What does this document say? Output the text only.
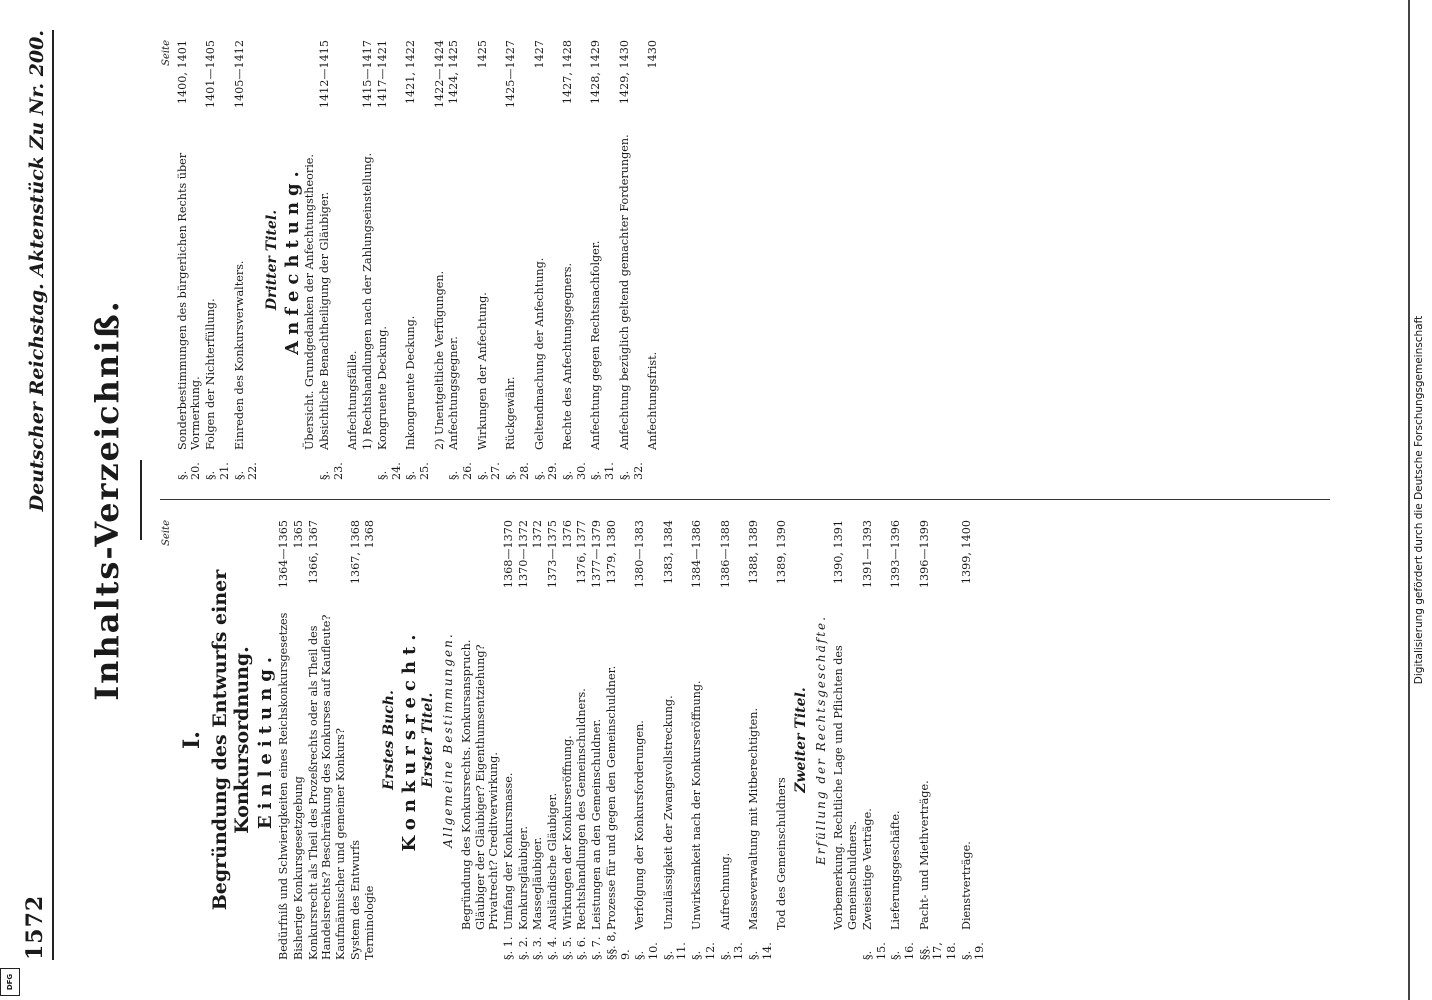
1572
Deutscher Reichstag. Aktenstück Zu Nr. 200. Inhalts-Verzeichniß.	Seite
I. Begründung des Entwurfs einer Konkursordnung. Einleitung. Bedürfniß und Schwierigkeiten eines Reichskonkursgesetzes
1364—1365
Bisherige Konkursgesetzgebung
1365
Konkursrecht als Theil des Prozeßrechts oder als Theil des Handelsrechts? Beschränkung des Konkurses auf Kaufleute? Kaufmännischer und gemeiner Konkurs?
1366, 1367
System des Entwurfs
1367, 1368
Terminologie
1368
Erstes Buch. Konkursrecht. Erster Titel. Allgemeine Bestimmungen. Begründung des Konkursrechts. Konkursanspruch. Gläubiger der Gläubiger? Eigenthumsentziehung? Privatrecht? Creditverwirkung.
§. 1.
Umfang der Konkursmasse.
1368—1370
§. 2.
Konkursgläubiger.
1370—1372
§. 3.
Massegläubiger.
1372
§. 4.
Ausländische Gläubiger.
1373—1375
§. 5.
Wirkungen der Konkurseröffnung.
1376
§. 6.
Rechtshandlungen des Gemeinschuldners.
1376, 1377
§. 7.
Leistungen an den Gemeinschuldner.
1377—1379
§§. 8, 9.
Prozesse für und gegen den Gemeinschuldner.
1379, 1380
§. 10.
Verfolgung der Konkursforderungen.
1380—1383
§. 11.
Unzulässigkeit der Zwangsvollstreckung.
1383, 1384
§. 12.
Unwirksamkeit nach der Konkurseröffnung.
1384—1386
§. 13.
Aufrechnung.
1386—1388
§. 14.
Masseverwaltung mit Mitberechtigten.
1388, 1389
Tod des Gemeinschuldners
1389, 1390
Zweiter Titel. Erfüllung der Rechtsgeschäfte. Vorbemerkung. Rechtliche Lage und Pflichten des Gemeinschuldners.
1390, 1391
§. 15.
Zweiseitige Verträge.
1391—1393
§. 16.
Lieferungsgeschäfte.
1393—1396
§§. 17, 18.
Pacht- und Miethverträge.
1396—1399
§. 19.
Dienstverträge.
1399, 1400
Seite
§. 20.
Sonderbestimmungen des bürgerlichen Rechts über Vormerkung.
1400, 1401
§. 21.
Folgen der Nichterfüllung.
1401—1405
§. 22.
Einreden des Konkursverwalters.
1405—1412
Dritter Titel. Anfechtung. Übersicht. Grundgedanken der Anfechtungstheorie.
§. 23.
Absichtliche Benachtheiligung der Gläubiger.
1412—1415
Anfechtungsfälle. 1) Rechtshandlungen nach der Zahlungseinstellung.
1415—1417
§. 24.
Kongruente Deckung.
1417—1421
§. 25.
Inkongruente Deckung.
1421, 1422
2) Unentgeltliche Verfügungen.
1422—1424
§. 26.
Anfechtungsgegner.
1424, 1425
§. 27.
Wirkungen der Anfechtung.
1425
§. 28.
Rückgewähr.
1425—1427
§. 29.
Geltendmachung der Anfechtung.
1427
§. 30.
Rechte des Anfechtungsgegners.
1427, 1428
§. 31.
Anfechtung gegen Rechtsnachfolger.
1428, 1429
§. 32.
Anfechtung bezüglich geltend gemachter Forderungen.
1429, 1430
Anfechtungsfrist.
1430
Digitalisierung gefördert durch die Deutsche Forschungsgemeinschaft
DFG
